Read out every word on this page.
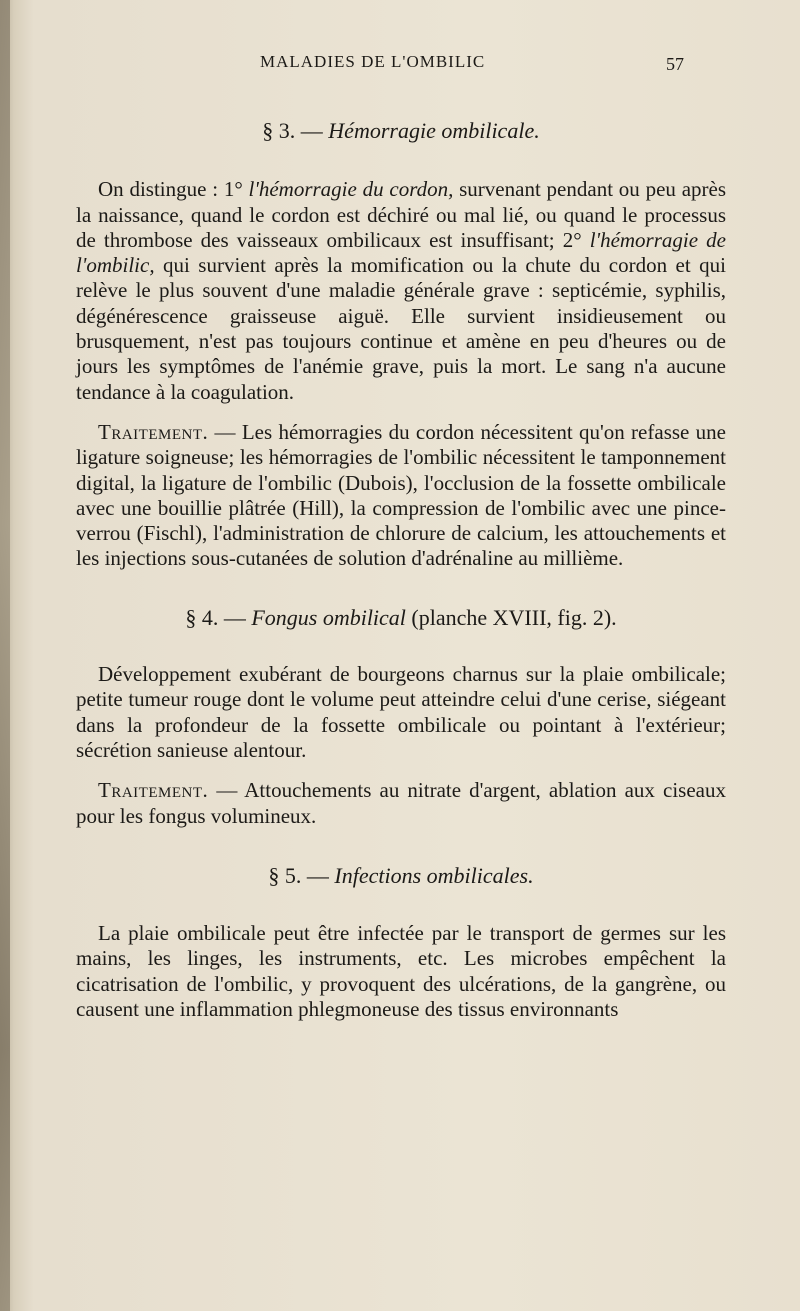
MALADIES DE L'OMBILIC	57

§ 3. — Hémorragie ombilicale.

On distingue : 1° l'hémorragie du cordon, survenant pendant ou peu après la naissance, quand le cordon est déchiré ou mal lié, ou quand le processus de thrombose des vaisseaux ombilicaux est insuffisant; 2° l'hémorragie de l'ombilic, qui survient après la momification ou la chute du cordon et qui relève le plus souvent d'une maladie générale grave : septicémie, syphilis, dégénérescence graisseuse aiguë. Elle survient insidieusement ou brusquement, n'est pas toujours continue et amène en peu d'heures ou de jours les symptômes de l'anémie grave, puis la mort. Le sang n'a aucune tendance à la coagulation.

Traitement. — Les hémorragies du cordon nécessitent qu'on refasse une ligature soigneuse; les hémorragies de l'ombilic nécessitent le tamponnement digital, la ligature de l'ombilic (Dubois), l'occlusion de la fossette ombilicale avec une bouillie plâtrée (Hill), la compression de l'ombilic avec une pince-verrou (Fischl), l'administration de chlorure de calcium, les attouchements et les injections sous-cutanées de solution d'adrénaline au millième.

§ 4. — Fongus ombilical (planche XVIII, fig. 2).

Développement exubérant de bourgeons charnus sur la plaie ombilicale; petite tumeur rouge dont le volume peut atteindre celui d'une cerise, siégeant dans la profondeur de la fossette ombilicale ou pointant à l'extérieur; sécrétion sanieuse alentour.

Traitement. — Attouchements au nitrate d'argent, ablation aux ciseaux pour les fongus volumineux.

§ 5. — Infections ombilicales.

La plaie ombilicale peut être infectée par le transport de germes sur les mains, les linges, les instruments, etc. Les microbes empêchent la cicatrisation de l'ombilic, y provoquent des ulcérations, de la gangrène, ou causent une inflammation phlegmoneuse des tissus environnants
